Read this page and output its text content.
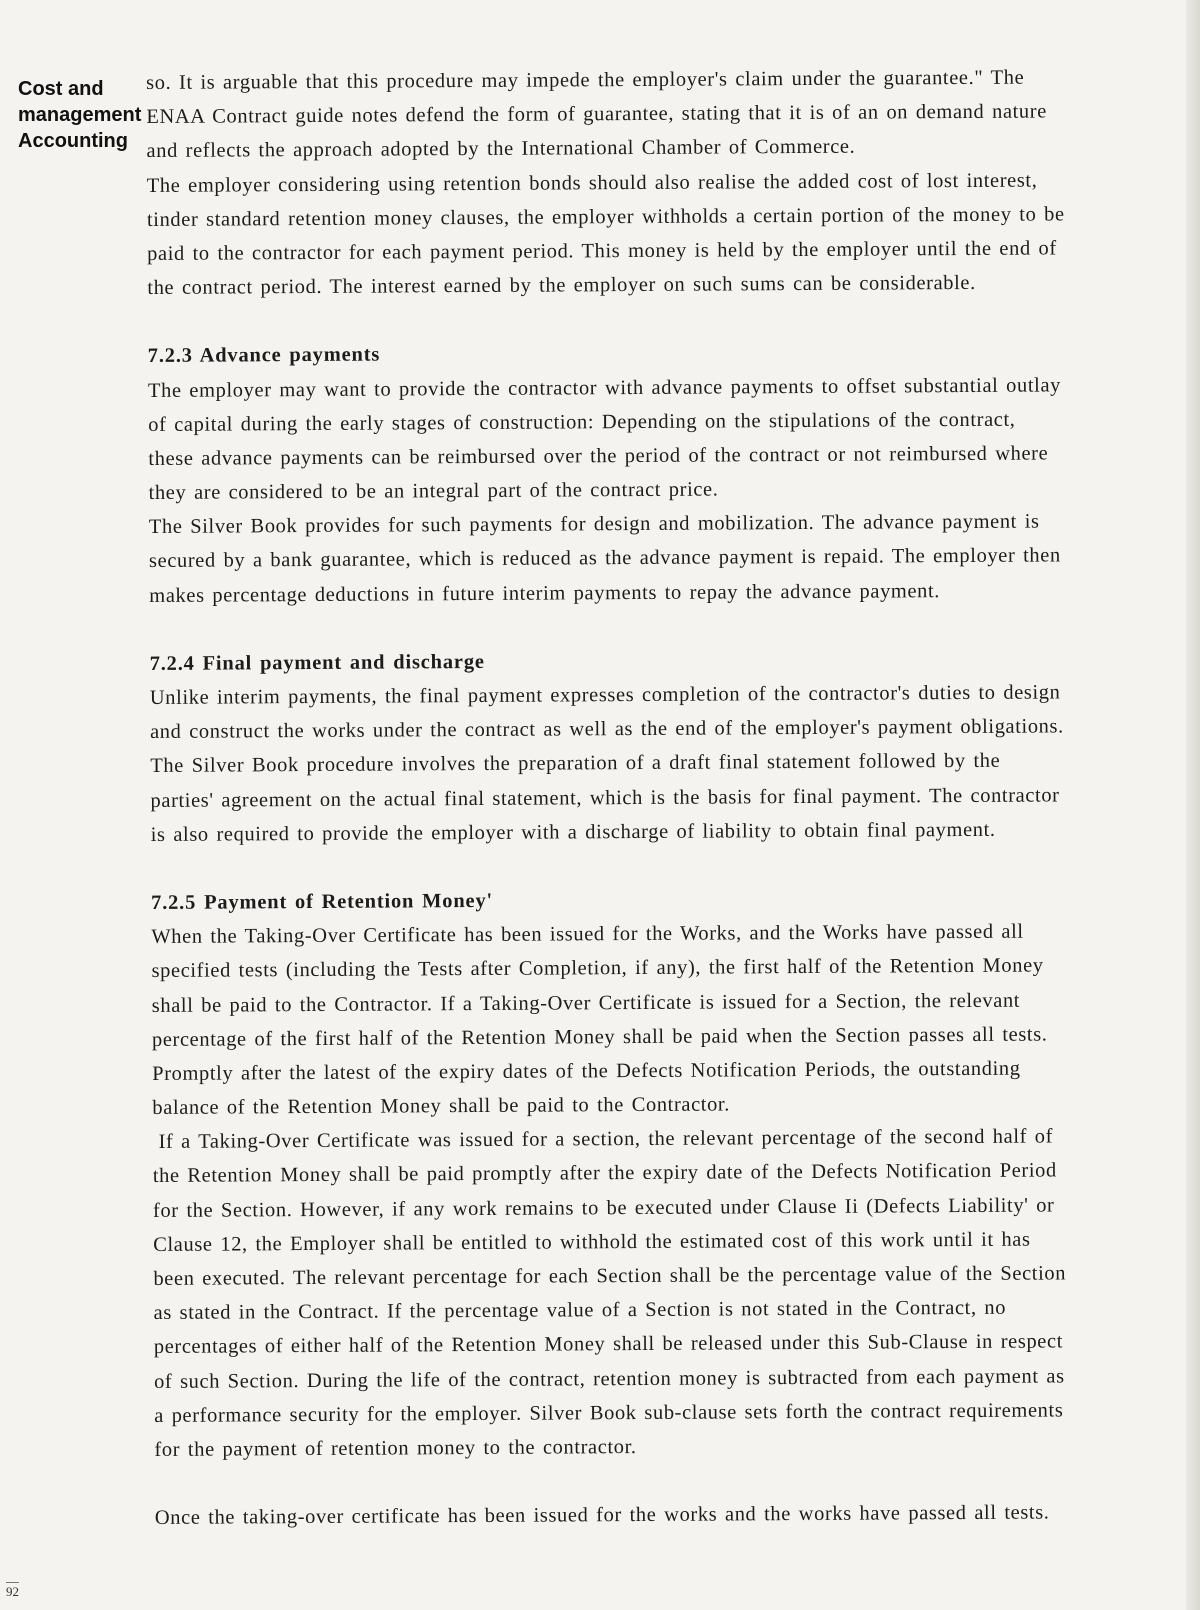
Cost and
management
Accounting
so. It is arguable that this procedure may impede the employer's claim under the guarantee." The
ENAA Contract guide notes defend the form of guarantee, stating that it is of an on demand nature
and reflects the approach adopted by the International Chamber of Commerce.
The employer considering using retention bonds should also realise the added cost of lost interest,
tinder standard retention money clauses, the employer withholds a certain portion of the money to be
paid to the contractor for each payment period. This money is held by the employer until the end of
the contract period. The interest earned by the employer on such sums can be considerable.
7.2.3 Advance payments
The employer may want to provide the contractor with advance payments to offset substantial outlay
of capital during the early stages of construction: Depending on the stipulations of the contract,
these advance payments can be reimbursed over the period of the contract or not reimbursed where
they are considered to be an integral part of the contract price.
The Silver Book provides for such payments for design and mobilization. The advance payment is
secured by a bank guarantee, which is reduced as the advance payment is repaid. The employer then
makes percentage deductions in future interim payments to repay the advance payment.
7.2.4 Final payment and discharge
Unlike interim payments, the final payment expresses completion of the contractor's duties to design
and construct the works under the contract as well as the end of the employer's payment obligations.
The Silver Book procedure involves the preparation of a draft final statement followed by the
parties' agreement on the actual final statement, which is the basis for final payment. The contractor
is also required to provide the employer with a discharge of liability to obtain final payment.
7.2.5 Payment of Retention Money'
When the Taking-Over Certificate has been issued for the Works, and the Works have passed all
specified tests (including the Tests after Completion, if any), the first half of the Retention Money
shall be paid to the Contractor. If a Taking-Over Certificate is issued for a Section, the relevant
percentage of the first half of the Retention Money shall be paid when the Section passes all tests.
Promptly after the latest of the expiry dates of the Defects Notification Periods, the outstanding
balance of the Retention Money shall be paid to the Contractor.
If a Taking-Over Certificate was issued for a section, the relevant percentage of the second half of
the Retention Money shall be paid promptly after the expiry date of the Defects Notification Period
for the Section. However, if any work remains to be executed under Clause Ii (Defects Liability' or
Clause 12, the Employer shall be entitled to withhold the estimated cost of this work until it has
been executed. The relevant percentage for each Section shall be the percentage value of the Section
as stated in the Contract. If the percentage value of a Section is not stated in the Contract, no
percentages of either half of the Retention Money shall be released under this Sub-Clause in respect
of such Section. During the life of the contract, retention money is subtracted from each payment as
a performance security for the employer. Silver Book sub-clause sets forth the contract requirements
for the payment of retention money to the contractor.
Once the taking-over certificate has been issued for the works and the works have passed all tests.
92
